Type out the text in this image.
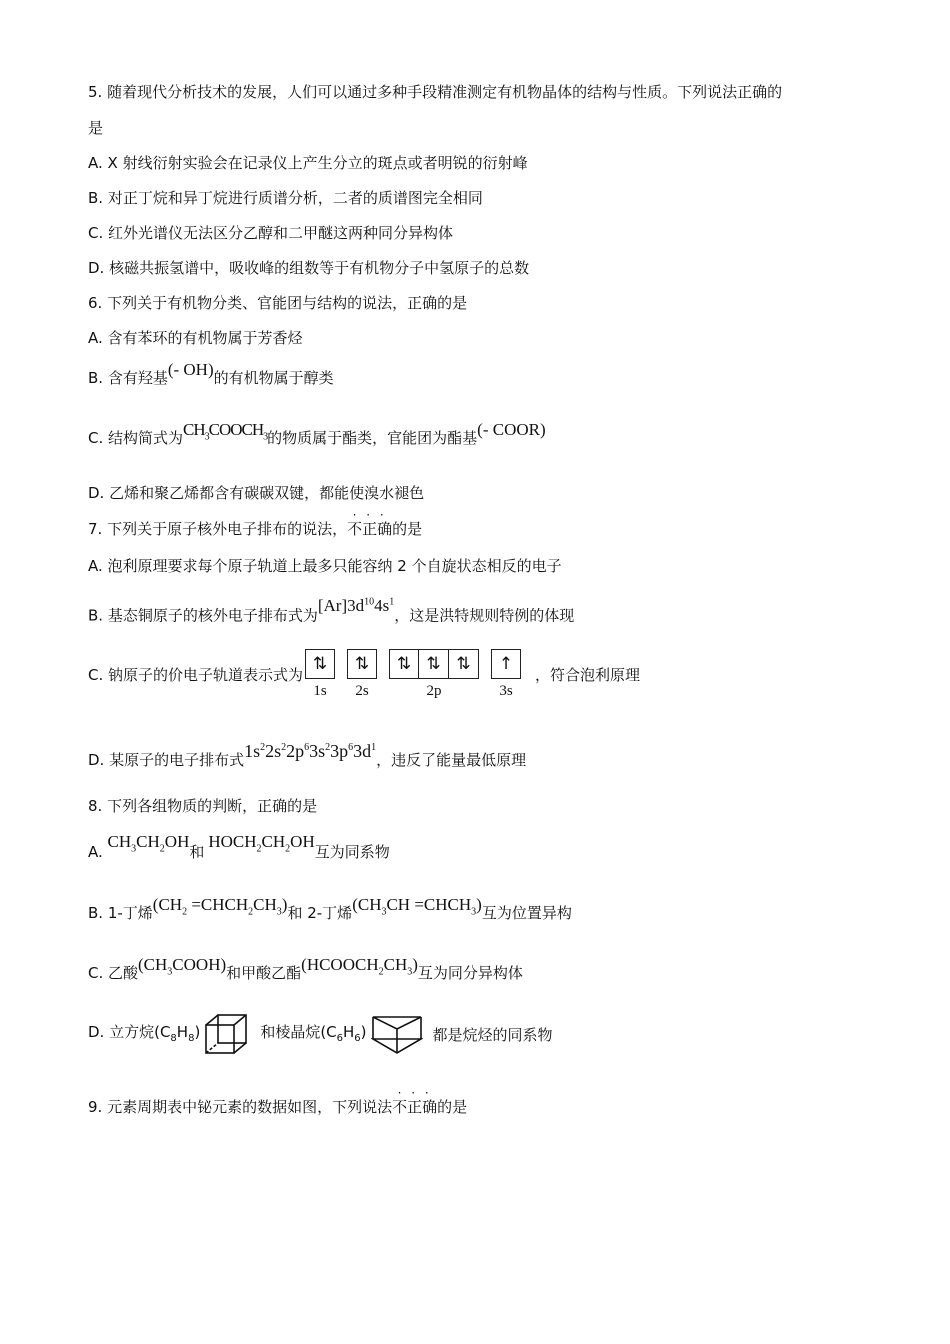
5. 随着现代分析技术的发展，人们可以通过多种手段精准测定有机物晶体的结构与性质。下列说法正确的
是
A. X 射线衍射实验会在记录仪上产生分立的斑点或者明锐的衍射峰
B. 对正丁烷和异丁烷进行质谱分析，二者的质谱图完全相同
C. 红外光谱仪无法区分乙醇和二甲醚这两种同分异构体
D. 核磁共振氢谱中，吸收峰的组数等于有机物分子中氢原子的总数
6. 下列关于有机物分类、官能团与结构的说法，正确的是
A. 含有苯环的有机物属于芳香烃
B. 含有羟基(- OH)的有机物属于醇类
C. 结构简式为$CH_3COOCH_3$的物质属于酯类，官能团为酯基(- COOR)
D. 乙烯和聚乙烯都含有碳碳双键，都能使溴水褪色
7. 下列关于原子核外电子排布的说法，
· · ·
不正确的是
A. 泡利原理要求每个原子轨道上最多只能容纳 2 个自旋状态相反的电子
B. 基态铜原子的核外电子排布式为$[Ar]3d^{10}4s^1$，这是洪特规则特例的体现
C. 钠原子的价电子轨道表示式为
⇅
1s
⇅
2s
⇅ ⇅ ⇅
2p
↑
3s
，符合泡利原理
D. 某原子的电子排布式$1s^22s^22p^63s^23p^63d^1$，违反了能量最低原理
8. 下列各组物质的判断，正确的是
A. $CH_3CH_2OH$和$HOCH_2CH_2OH$互为同系物
B. 1-丁烯($CH_2$ $=CHCH_2CH_3$)和 2-丁烯($CH_3CH$ $=CHCH_3$)互为位置异构
C. 乙酸$(CH_3COOH)$和甲酸乙酯$(HCOOCH_2CH_3)$互为同分异构体
D. 立方烷$(C_8H_8)$	和棱晶烷$(C_6H_6)$	都是烷烃的同系物
9. 元素周期表中铋元素的数据如图，下列说法
· · ·
不正确的是
